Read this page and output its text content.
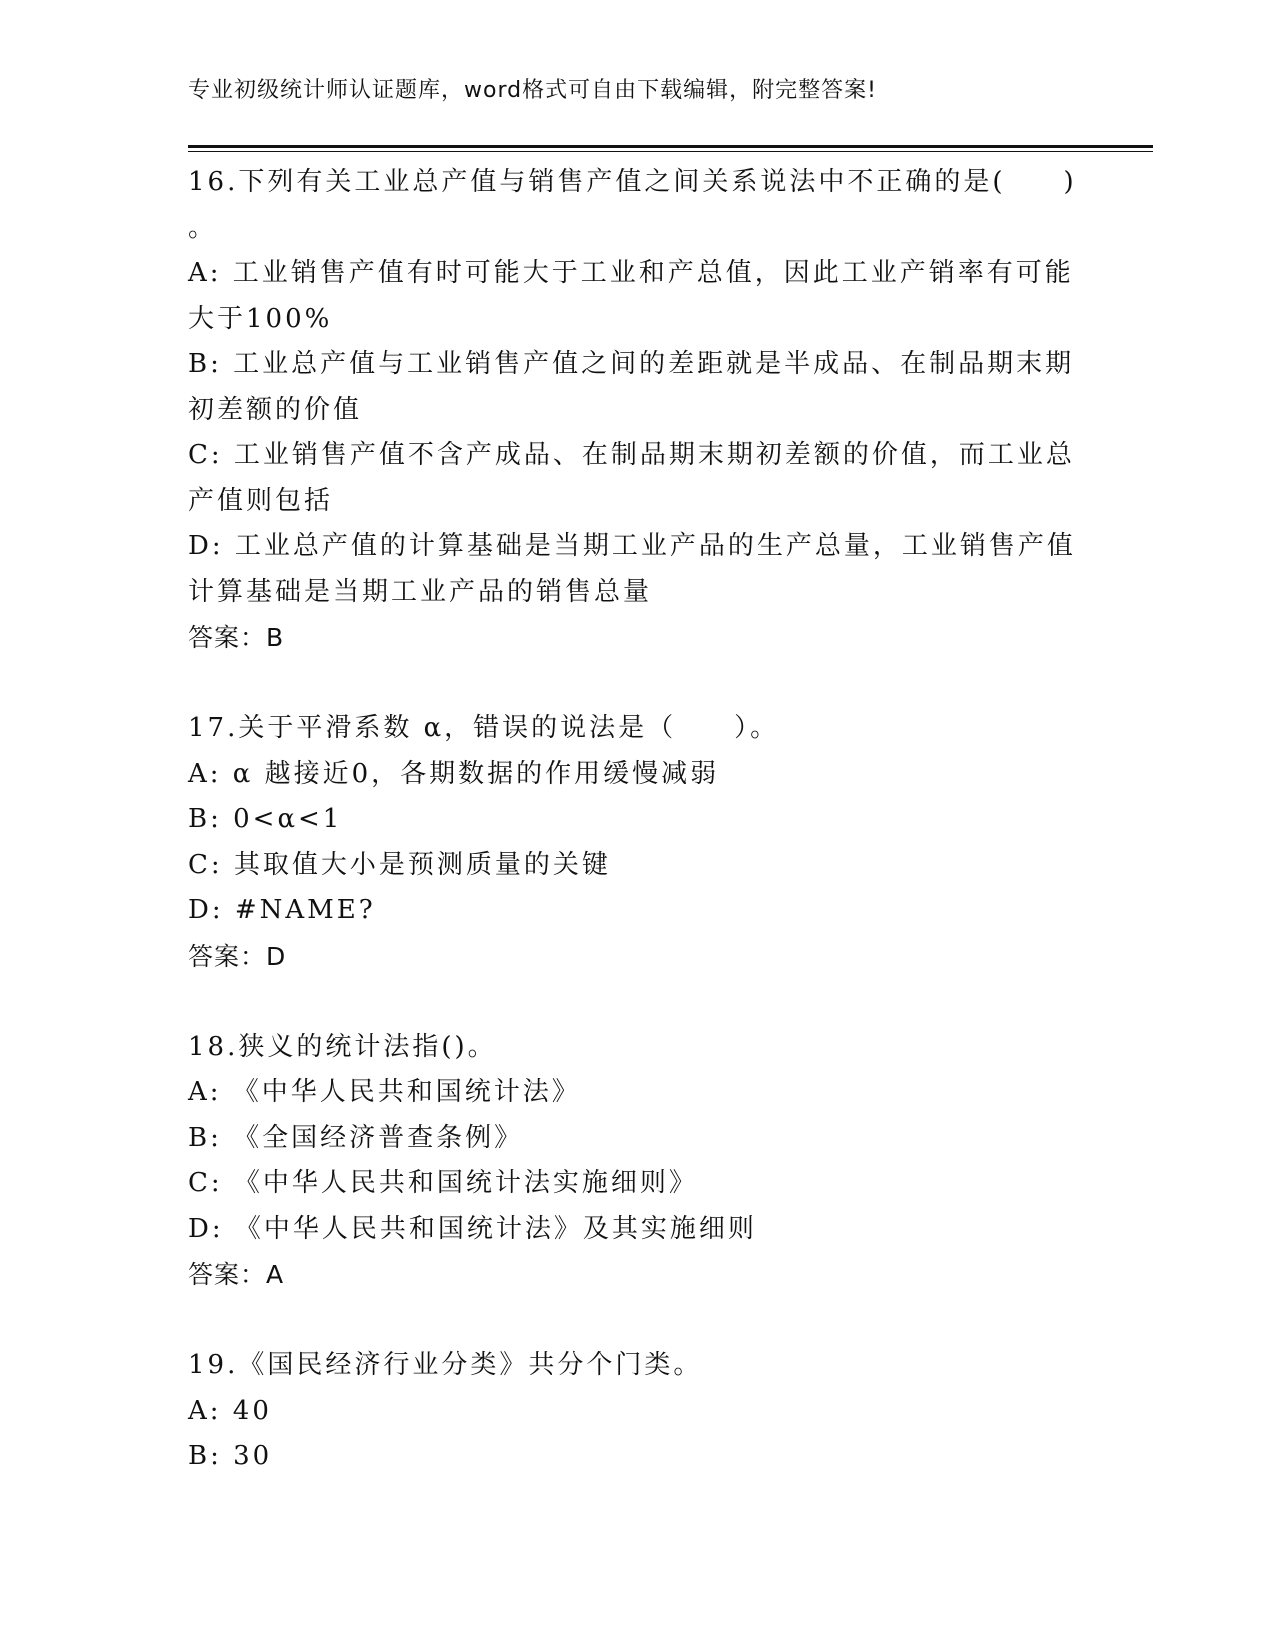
专业初级统计师认证题库，word格式可自由下载编辑，附完整答案!
16.下列有关工业总产值与销售产值之间关系说法中不正确的是(　　)
。
A: 工业销售产值有时可能大于工业和产总值，因此工业产销率有可能
大于100%
B: 工业总产值与工业销售产值之间的差距就是半成品、在制品期末期
初差额的价值
C: 工业销售产值不含产成品、在制品期末期初差额的价值，而工业总
产值则包括
D: 工业总产值的计算基础是当期工业产品的生产总量，工业销售产值
计算基础是当期工业产品的销售总量
答案：B
17.关于平滑系数 α，错误的说法是（　　）。
A: α 越接近0，各期数据的作用缓慢减弱
B: 0<α<1
C: 其取值大小是预测质量的关键
D: #NAME?
答案：D
18.狭义的统计法指()。
A: 《中华人民共和国统计法》
B: 《全国经济普查条例》
C: 《中华人民共和国统计法实施细则》
D: 《中华人民共和国统计法》及其实施细则
答案：A
19.《国民经济行业分类》共分个门类。
A: 40
B: 30
